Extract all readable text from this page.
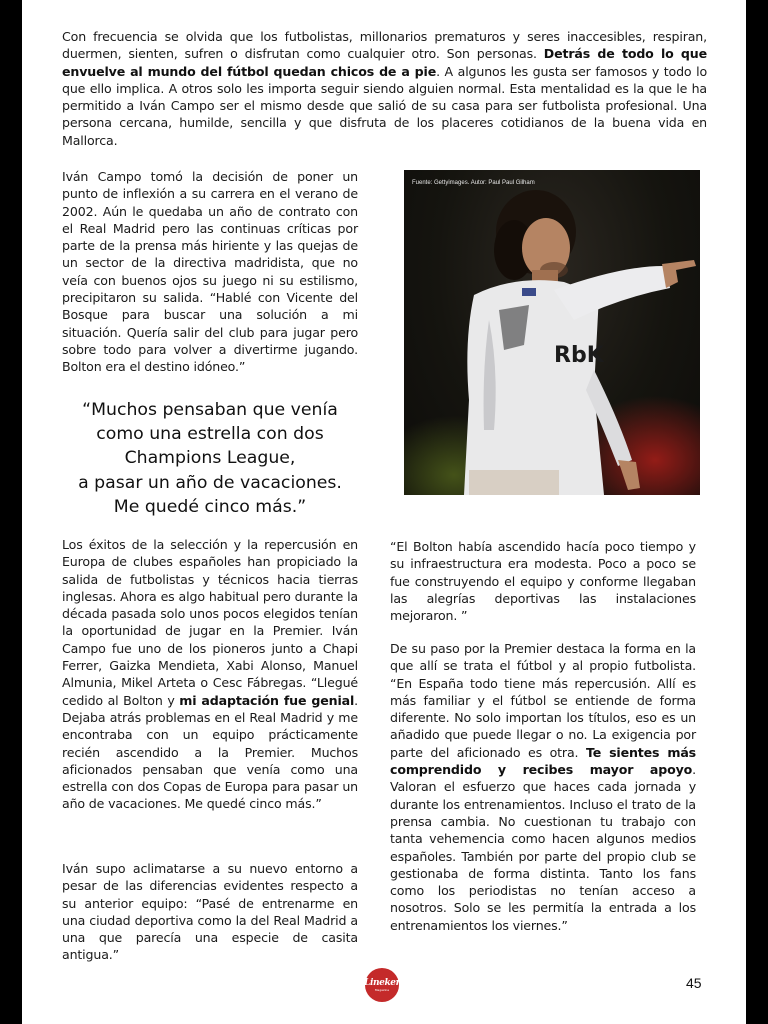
Con frecuencia se olvida que los futbolistas, millonarios prematuros y seres inaccesibles, respiran, duermen, sienten, sufren o disfrutan como cualquier otro. Son personas. Detrás de todo lo que envuelve al mundo del fútbol quedan chicos de a pie. A algunos les gusta ser famosos y todo lo que ello implica. A otros solo les importa seguir siendo alguien normal. Esta mentalidad es la que le ha permitido a Iván Campo ser el mismo desde que salió de su casa para ser futbolista profesional. Una persona cercana, humilde, sencilla y que disfruta de los placeres cotidianos de la buena vida en Mallorca.

Iván Campo tomó la decisión de poner un punto de inflexión a su carrera en el verano de 2002. Aún le quedaba un año de contrato con el Real Madrid pero las continuas críticas por parte de la prensa más hiriente y las quejas de un sector de la directiva madridista, que no veía con buenos ojos su juego ni su estilismo, precipitaron su salida. “Hablé con Vicente del Bosque para buscar una solución a mi situación. Quería salir del club para jugar pero sobre todo para volver a divertirme jugando. Bolton era el destino idóneo.”

“Muchos pensaban que venía
como una estrella con dos
Champions League,
a pasar un año de vacaciones.
Me quedé cinco más.”

Los éxitos de la selección y la repercusión en Europa de clubes españoles han propiciado la salida de futbolistas y técnicos hacia tierras inglesas. Ahora es algo habitual pero durante la década pasada solo unos pocos elegidos tenían la oportunidad de jugar en la Premier. Iván Campo fue uno de los pioneros junto a Chapi Ferrer, Gaizka Mendieta, Xabi Alonso, Manuel Almunia, Mikel Arteta o Cesc Fábregas. “Llegué cedido al Bolton y mi adaptación fue genial. Dejaba atrás problemas en el Real Madrid y me encontraba con un equipo prácticamente recién ascendido a la Premier. Muchos aficionados pensaban que venía como una estrella con dos Copas de Europa para pasar un año de vacaciones. Me quedé cinco más.”

Iván supo aclimatarse a su nuevo entorno a pesar de las diferencias evidentes respecto a su anterior equipo: “Pasé de entrenarme en una ciudad deportiva como la del Real Madrid a una que parecía una especie de casita antigua.”

RbK
Fuente: Gettyimages. Autor: Paul Paul Gilham

“El Bolton había ascendido hacía poco tiempo y su infraestructura era modesta. Poco a poco se fue construyendo el equipo y conforme llegaban las alegrías deportivas las instalaciones mejoraron. ”

De su paso por la Premier destaca la forma en la que allí se trata el fútbol y al propio futbolista. “En España todo tiene más repercusión. Allí es más familiar y el fútbol se entiende de forma diferente. No solo importan los títulos, eso es un añadido que puede llegar o no. La exigencia por parte del aficionado es otra. Te sientes más comprendido y recibes mayor apoyo. Valoran el esfuerzo que haces cada jornada y durante los entrenamientos. Incluso el trato de la prensa cambia. No cuestionan tu trabajo con tanta vehemencia como hacen algunos medios españoles. También por parte del propio club se gestionaba de forma distinta. Tanto los fans como los periodistas no tenían acceso a nosotros. Solo se les permitía la entrada a los entrenamientos los viernes.”

Lineker
Magazine	45
